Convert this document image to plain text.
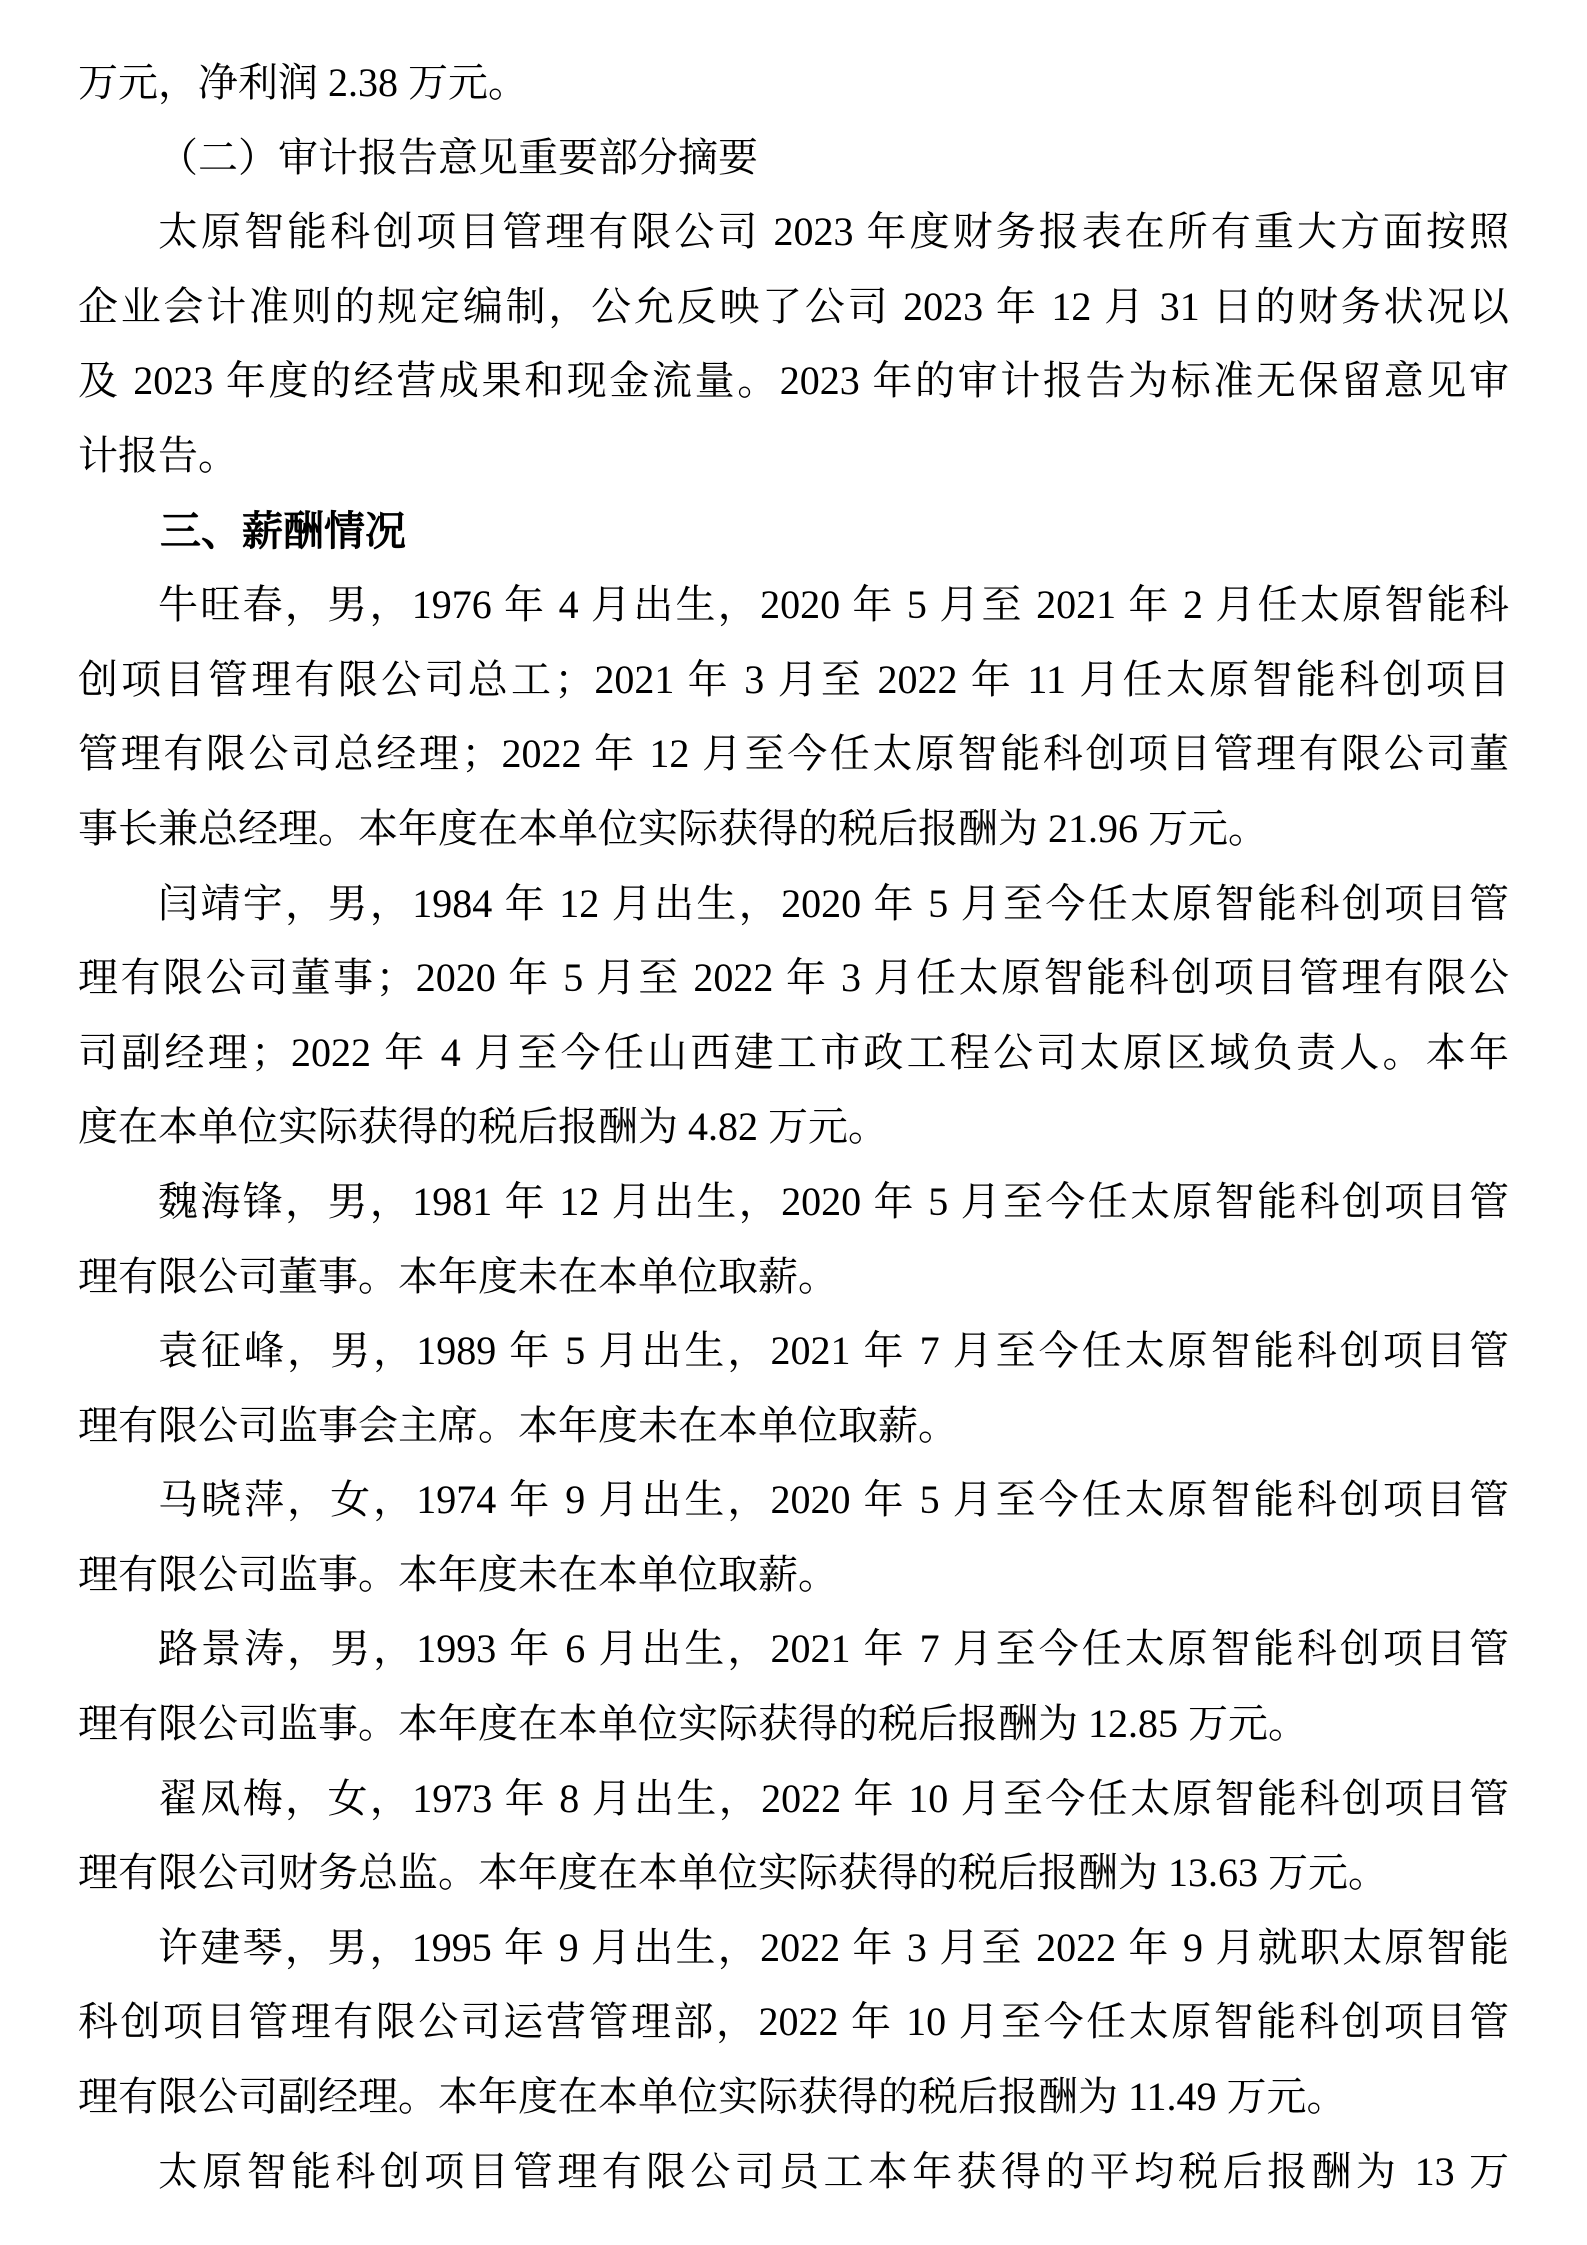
万元，净利润 2.38 万元。

（二）审计报告意见重要部分摘要

太原智能科创项目管理有限公司 2023 年度财务报表在所有重大方面按照

企业会计准则的规定编制，公允反映了公司 2023 年 12 月 31 日的财务状况以

及 2023 年度的经营成果和现金流量。2023 年的审计报告为标准无保留意见审

计报告。

三、薪酬情况

牛旺春，男，1976 年 4 月出生，2020 年 5 月至 2021 年 2 月任太原智能科

创项目管理有限公司总工；2021 年 3 月至 2022 年 11 月任太原智能科创项目

管理有限公司总经理；2022 年 12 月至今任太原智能科创项目管理有限公司董

事长兼总经理。本年度在本单位实际获得的税后报酬为 21.96 万元。

闫靖宇，男，1984 年 12 月出生，2020 年 5 月至今任太原智能科创项目管

理有限公司董事；2020 年 5 月至 2022 年 3 月任太原智能科创项目管理有限公

司副经理；2022 年 4 月至今任山西建工市政工程公司太原区域负责人。本年

度在本单位实际获得的税后报酬为 4.82 万元。

魏海锋，男，1981 年 12 月出生，2020 年 5 月至今任太原智能科创项目管

理有限公司董事。本年度未在本单位取薪。

袁征峰，男，1989 年 5 月出生，2021 年 7 月至今任太原智能科创项目管

理有限公司监事会主席。本年度未在本单位取薪。

马晓萍，女，1974 年 9 月出生，2020 年 5 月至今任太原智能科创项目管

理有限公司监事。本年度未在本单位取薪。

路景涛，男，1993 年 6 月出生，2021 年 7 月至今任太原智能科创项目管

理有限公司监事。本年度在本单位实际获得的税后报酬为 12.85 万元。

翟凤梅，女，1973 年 8 月出生，2022 年 10 月至今任太原智能科创项目管

理有限公司财务总监。本年度在本单位实际获得的税后报酬为 13.63 万元。

许建琴，男，1995 年 9 月出生，2022 年 3 月至 2022 年 9 月就职太原智能

科创项目管理有限公司运营管理部，2022 年 10 月至今任太原智能科创项目管

理有限公司副经理。本年度在本单位实际获得的税后报酬为 11.49 万元。

太原智能科创项目管理有限公司员工本年获得的平均税后报酬为 13 万
